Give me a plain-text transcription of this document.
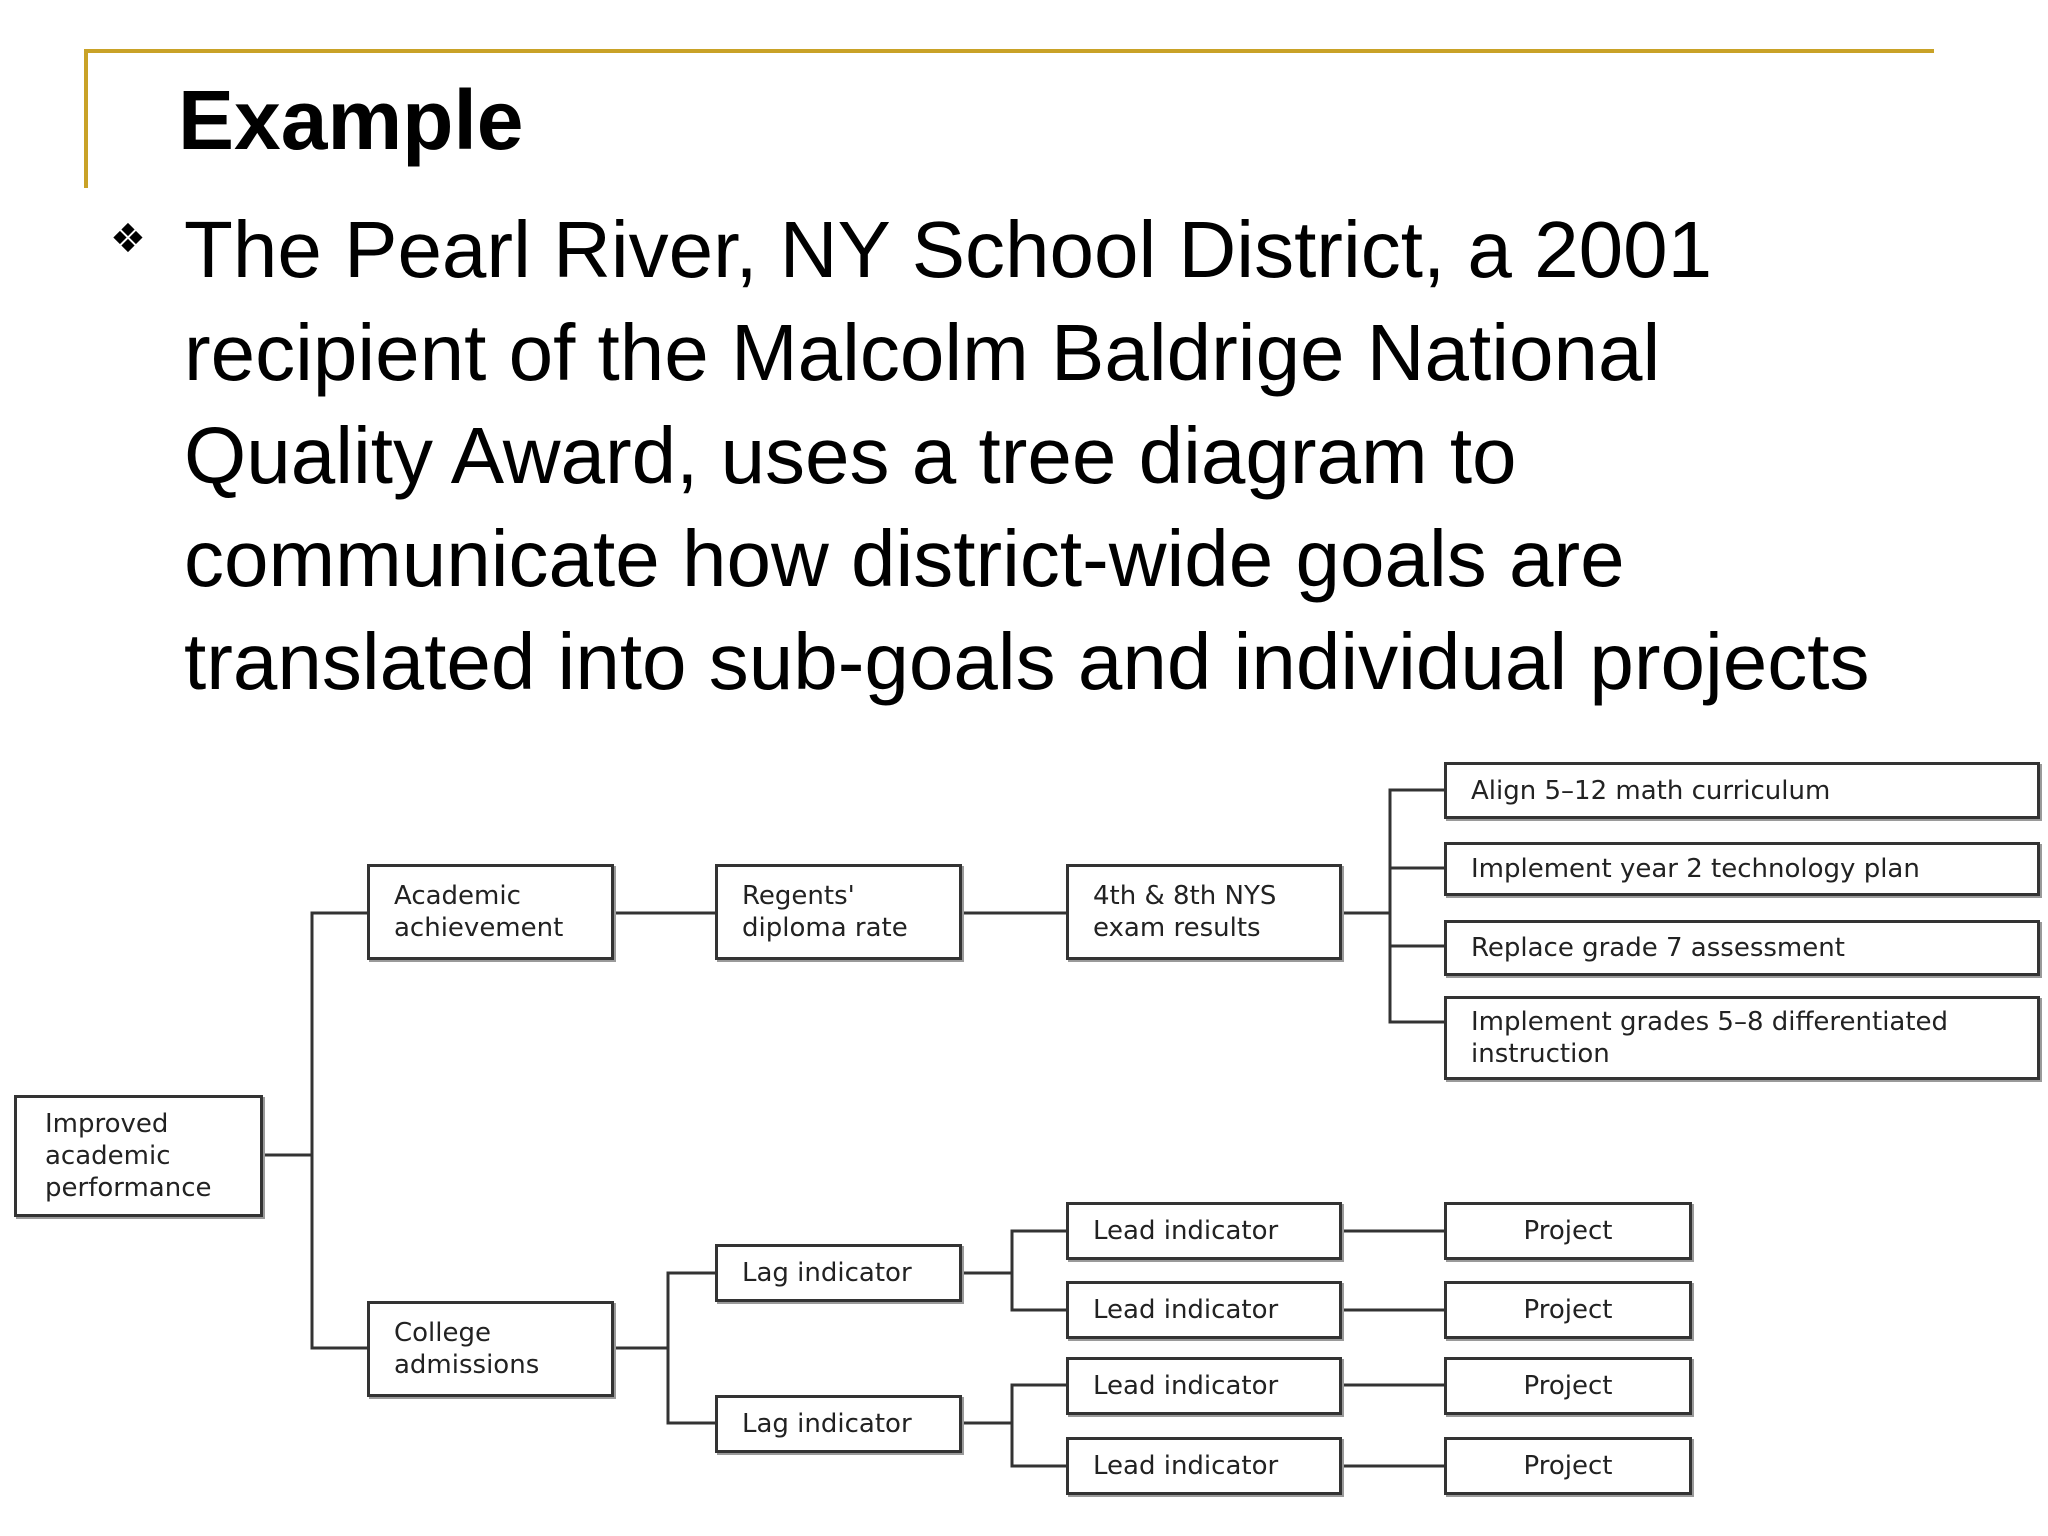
Example
❖ The Pearl River, NY School District, a 2001
recipient of the Malcolm Baldrige National
Quality Award, uses a tree diagram to
communicate how district-wide goals are
translated into sub-goals and individual projects

Improved
academic
performance
Academic
achievement
Regents'
diploma rate
4th & 8th NYS
exam results
Align 5–12 math curriculum
Implement year 2 technology plan
Replace grade 7 assessment
Implement grades 5–8 differentiated
instruction
College
admissions
Lag indicator
Lag indicator
Lead indicator
Lead indicator
Lead indicator
Lead indicator
Project
Project
Project
Project
